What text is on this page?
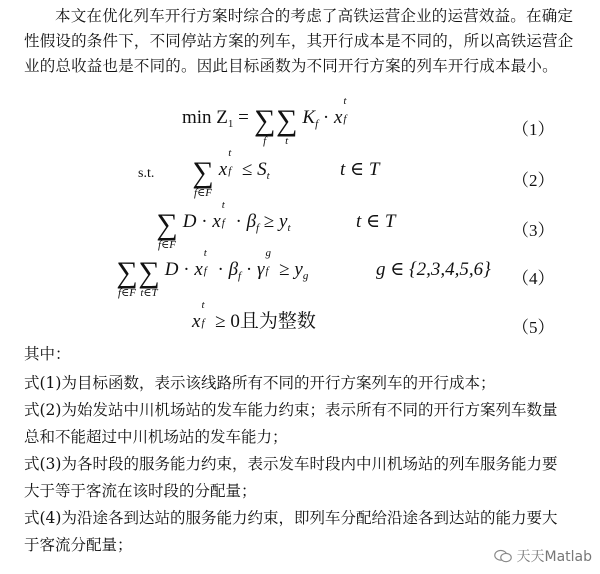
本文在优化列车开行方案时综合的考虑了高铁运营企业的运营效益。在确定性假设的条件下，不同停站方案的列车，其开行成本是不同的，所以高铁运营企业的总收益也是不同的。因此目标函数为不同开行方案的列车开行成本最小。
$\min Z_1$ = ∑
f
∑
t
$K_f \cdot x$
t
f
（1）
s.t. ∑
f∈F
x
t
$f \le S_t$	t ∈ T
（2）
∑
f∈F
D · x
t
$f \cdot \beta_f \ge y_t$	t ∈ T	（3）
∑
f∈F
∑
t∈T
D · x
t
$f \cdot \beta_f \cdot \gamma$
g
$f \ge y_g$	g ∈ {2,3,4,5,6} （4）
x
t
f ≥ 0且为整数	（5）
其中：
式(1)为目标函数，表示该线路所有不同的开行方案列车的开行成本；
式(2)为始发站中川机场站的发车能力约束；表示所有不同的开行方案列车数量
总和不能超过中川机场站的发车能力；
式(3)为各时段的服务能力约束，表示发车时段内中川机场站的列车服务能力要
大于等于客流在该时段的分配量；
式(4)为沿途各到达站的服务能力约束，即列车分配给沿途各到达站的能力要大
于客流分配量；
天天Matlab
